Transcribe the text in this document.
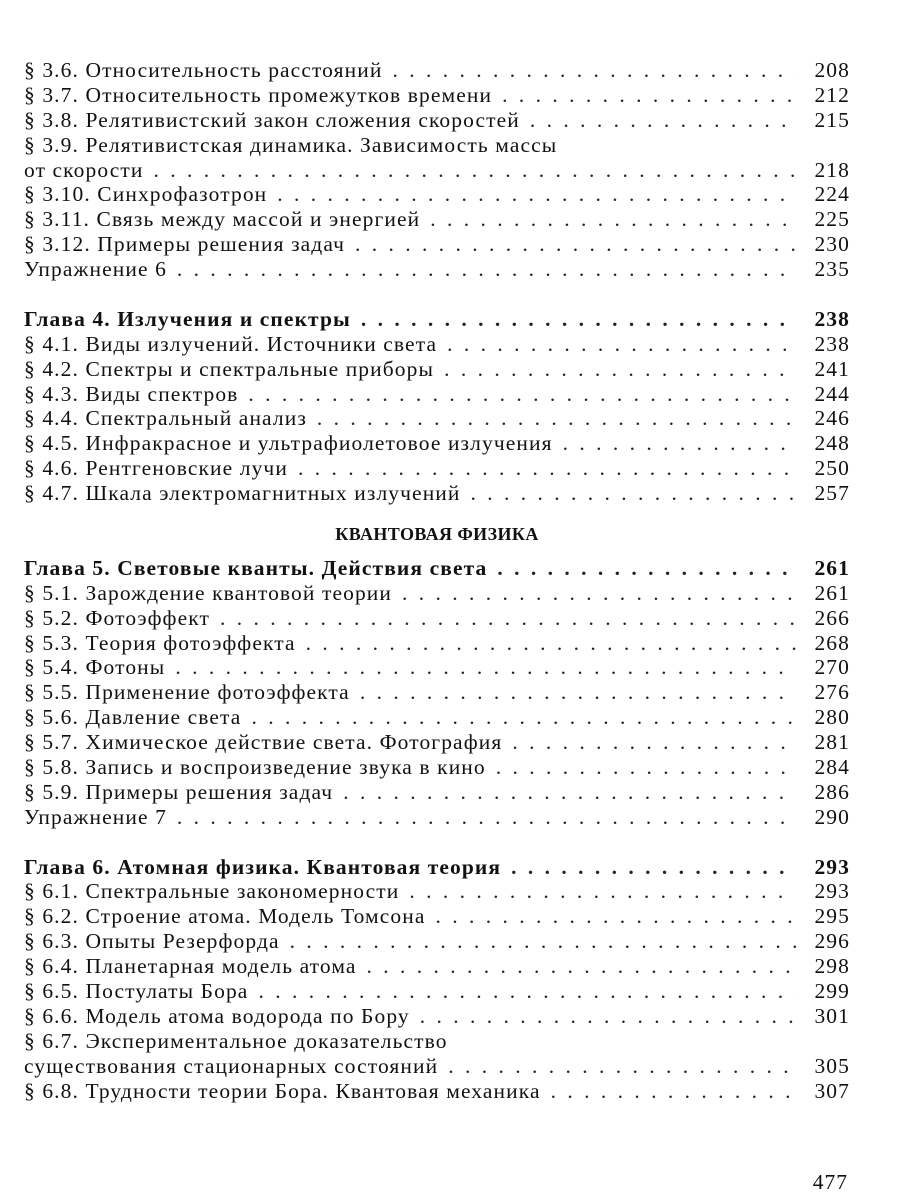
§ 3.6. Относительность расстояний . . .	208
§ 3.7. Относительность промежутков времени . . .	212
§ 3.8. Релятивистский закон сложения скоростей . . .	215
§ 3.9. Релятивистская динамика. Зависимость массы
от скорости . . .	218
§ 3.10. Синхрофазотрон . . .	224
§ 3.11. Связь между массой и энергией . . .	225
§ 3.12. Примеры решения задач . . .	230
Упражнение 6 . . .	235
Глава 4. Излучения и спектры . . .	238
§ 4.1. Виды излучений. Источники света . . .	238
§ 4.2. Спектры и спектральные приборы . . .	241
§ 4.3. Виды спектров . . .	244
§ 4.4. Спектральный анализ . . .	246
§ 4.5. Инфракрасное и ультрафиолетовое излучения . . .	248
§ 4.6. Рентгеновские лучи . . .	250
§ 4.7. Шкала электромагнитных излучений . . .	257
КВАНТОВАЯ ФИЗИКА
Глава 5. Световые кванты. Действия света . . .	261
§ 5.1. Зарождение квантовой теории . . .	261
§ 5.2. Фотоэффект . . .	266
§ 5.3. Теория фотоэффекта . . .	268
§ 5.4. Фотоны . . .	270
§ 5.5. Применение фотоэффекта . . .	276
§ 5.6. Давление света . . .	280
§ 5.7. Химическое действие света. Фотография . . .	281
§ 5.8. Запись и воспроизведение звука в кино . . .	284
§ 5.9. Примеры решения задач . . .	286
Упражнение 7 . . .	290
Глава 6. Атомная физика. Квантовая теория . . .	293
§ 6.1. Спектральные закономерности . . .	293
§ 6.2. Строение атома. Модель Томсона . . .	295
§ 6.3. Опыты Резерфорда . . .	296
§ 6.4. Планетарная модель атома . . .	298
§ 6.5. Постулаты Бора . . .	299
§ 6.6. Модель атома водорода по Бору . . .	301
§ 6.7. Экспериментальное доказательство
существования стационарных состояний . . .	305
§ 6.8. Трудности теории Бора. Квантовая механика . . .	307
477
